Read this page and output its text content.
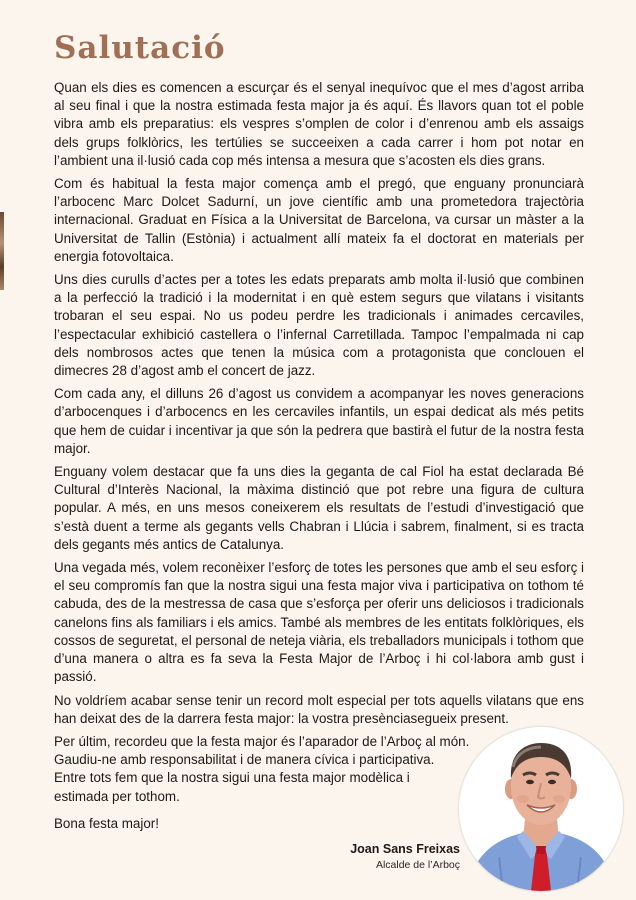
Salutació

Quan els dies es comencen a escurçar és el senyal inequívoc que el mes d’agost arriba al seu final i que la nostra estimada festa major ja és aquí. És llavors quan tot el poble vibra amb els preparatius: els vespres s’omplen de color i d’enrenou amb els assaigs dels grups folklòrics, les tertúlies se succeeixen a cada carrer i hom pot notar en l’ambient una il·lusió cada cop més intensa a mesura que s’acosten els dies grans.

Com és habitual la festa major comença amb el pregó, que enguany pronunciarà l’arbocenc Marc Dolcet Sadurní, un jove científic amb una prometedora trajectòria internacional. Graduat en Física a la Universitat de Barcelona, va cursar un màster a la Universitat de Tallin (Estònia) i actualment allí mateix fa el doctorat en materials per energia fotovoltaica.

Uns dies curulls d’actes per a totes les edats preparats amb molta il·lusió que combinen a la perfecció la tradició i la modernitat i en què estem segurs que vilatans i visitants trobaran el seu espai. No us podeu perdre les tradicionals i animades cercaviles, l’espectacular exhibició castellera o l’infernal Carretillada. Tampoc l’empalmada ni cap dels nombrosos actes que tenen la música com a protagonista que conclouen el dimecres 28 d’agost amb el concert de jazz.

Com cada any, el dilluns 26 d’agost us convidem a acompanyar les noves generacions d’arbocenques i d’arbocencs en les cercaviles infantils, un espai dedicat als més petits que hem de cuidar i incentivar ja que són la pedrera que bastirà el futur de la nostra festa major.

Enguany volem destacar que fa uns dies la geganta de cal Fiol ha estat declarada Bé Cultural d’Interès Nacional, la màxima distinció que pot rebre una figura de cultura popular. A més, en uns mesos coneixerem els resultats de l’estudi d’investigació que s’està duent a terme als gegants vells Chabran i Llúcia i sabrem, finalment, si es tracta dels gegants més antics de Catalunya.

Una vegada més, volem reconèixer l’esforç de totes les persones que amb el seu esforç i el seu compromís fan que la nostra sigui una festa major viva i participativa on tothom té cabuda, des de la mestressa de casa que s’esforça per oferir uns deliciosos i tradicionals canelons fins als familiars i els amics. També als membres de les entitats folklòriques, els cossos de seguretat, el personal de neteja viària, els treballadors municipals i tothom que d’una manera o altra es fa seva la Festa Major de l’Arboç i hi col·labora amb gust i passió.

No voldríem acabar sense tenir un record molt especial per tots aquells vilatans que ens han deixat des de la darrera festa major: la vostra presènciasegueix present.

Per últim, recordeu que la festa major és l’aparador de l’Arboç al món.

Gaudiu-ne amb responsabilitat i de manera cívica i participativa.

Entre tots fem que la nostra sigui una festa major modèlica i

estimada per tothom.

Bona festa major!

Joan Sans Freixas
Alcalde de l’Arboç
